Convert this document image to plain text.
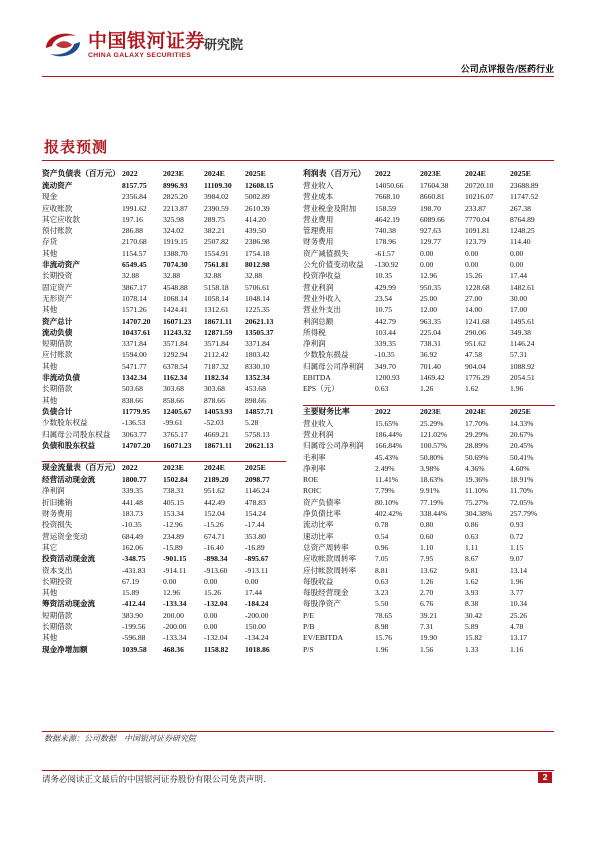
中国银河证券
CHINA GALAXY SECURITIES
研究院
公司点评报告/医药行业
报表预测
资产负债表（百万元）	2022	2023E	2024E	2025E
流动资产	8157.75	8996.93	11109.30	12608.15
现金	2356.84	2825.20	3984.02	5002.89
应收账款	1991.62	2213.87	2390.59	2610.39
其它应收款	197.16	325.98	289.75	414.20
预付账款	286.88	324.02	382.21	439.50
存货	2170.68	1919.15	2507.82	2386.98
其他	1154.57	1388.70	1554.91	1754.18
非流动资产	6549.45	7074.30	7561.81	8012.98
长期投资	32.88	32.88	32.88	32.88
固定资产	3867.17	4548.88	5158.18	5706.61
无形资产	1078.14	1068.14	1058.14	1048.14
其他	1571.26	1424.41	1312.61	1225.35
资产总计	14707.20	16071.23	18671.11	20621.13
流动负债	10437.61	11243.32	12871.59	13505.37
短期借款	3371.84	3571.84	3571.84	3371.84
应付账款	1594.00	1292.94	2112.42	1803.42
其他	5471.77	6378.54	7187.32	8330.10
非流动负债	1342.34	1162.34	1182.34	1352.34
长期借款	503.68	303.68	303.68	453.68
其他	838.66	858.66	878.66	898.66
负债合计	11779.95	12405.67	14053.93	14857.71
少数股东权益	-136.53	-99.61	-52.03	5.28
归属母公司股东权益	3063.77	3765.17	4669.21	5758.13
负债和股东权益	14707.20	16071.23	18671.11	20621.13

现金流量表（百万元）	2022	2023E	2024E	2025E
经营活动现金流	1800.77	1502.84	2189.20	2098.77
净利润	339.35	738.31	951.62	1146.24
折旧摊销	441.48	405.15	442.49	478.83
财务费用	183.73	153.34	152.04	154.24
投资损失	-10.35	-12.96	-15.26	-17.44
营运资金变动	684.49	234.89	674.71	353.80
其它	162.06	-15.89	-16.40	-16.89
投资活动现金流	-348.75	-901.15	-898.34	-895.67
资本支出	-431.83	-914.11	-913.60	-913.11
长期投资	67.19	0.00	0.00	0.00
其他	15.89	12.96	15.26	17.44
筹资活动现金流	-412.44	-133.34	-132.04	-184.24
短期借款	383.90	200.00	0.00	-200.00
长期借款	-199.56	-200.00	0.00	150.00
其他	-596.88	-133.34	-132.04	-134.24
现金净增加额	1039.58	468.36	1158.82	1018.86
利润表（百万元）	2022	2023E	2024E	2025E
营业收入	14050.66	17604.38	20720.10	23688.89
营业成本	7668.10	8660.81	10216.07	11747.52
营业税金及附加	158.59	198.70	233.87	267.38
营业费用	4642.19	6089.66	7770.04	8764.89
管理费用	740.38	927.63	1091.81	1248.25
财务费用	178.96	129.77	123.79	114.40
资产减值损失	-61.57	0.00	0.00	0.00
公允价值变动收益	-130.92	0.00	0.00	0.00
投资净收益	10.35	12.96	15.26	17.44
营业利润	429.99	950.35	1228.68	1482.61
营业外收入	23.54	25.00	27.00	30.00
营业外支出	10.75	12.00	14.00	17.00
利润总额	442.79	963.35	1241.68	1495.61
所得税	103.44	225.04	290.06	349.38
净利润	339.35	738.31	951.62	1146.24
少数股东损益	-10.35	36.92	47.58	57.31
归属母公司净利润	349.70	701.40	904.04	1088.92
EBITDA	1200.93	1469.42	1776.29	2054.51
EPS（元）	0.63	1.26	1.62	1.96

主要财务比率	2022	2023E	2024E	2025E
营业收入	15.65%	25.29%	17.70%	14.33%
营业利润	186.44%	121.02%	29.29%	20.67%
归属母公司净利润	166.84%	100.57%	28.89%	20.45%
毛利率	45.43%	50.80%	50.69%	50.41%
净利率	2.49%	3.98%	4.36%	4.60%
ROE	11.41%	18.63%	19.36%	18.91%
ROIC	7.79%	9.91%	11.10%	11.70%
资产负债率	80.10%	77.19%	75.27%	72.05%
净负债比率	402.42%	338.44%	304.38%	257.79%
流动比率	0.78	0.80	0.86	0.93
速动比率	0.54	0.60	0.63	0.72
总资产周转率	0.96	1.10	1.11	1.15
应收帐款周转率	7.05	7.95	8.67	9.07
应付帐款周转率	8.81	13.62	9.81	13.14
每股收益	0.63	1.26	1.62	1.96
每股经营现金	3.23	2.70	3.93	3.77
每股净资产	5.50	6.76	8.38	10.34
P/E	78.65	39.21	30.42	25.26
P/B	8.98	7.31	5.89	4.78
EV/EBITDA	15.76	19.90	15.82	13.17
P/S	1.96	1.56	1.33	1.16
数据来源：公司数据　中国银河证券研究院
请务必阅读正文最后的中国银河证券股份有限公司免责声明.	2
